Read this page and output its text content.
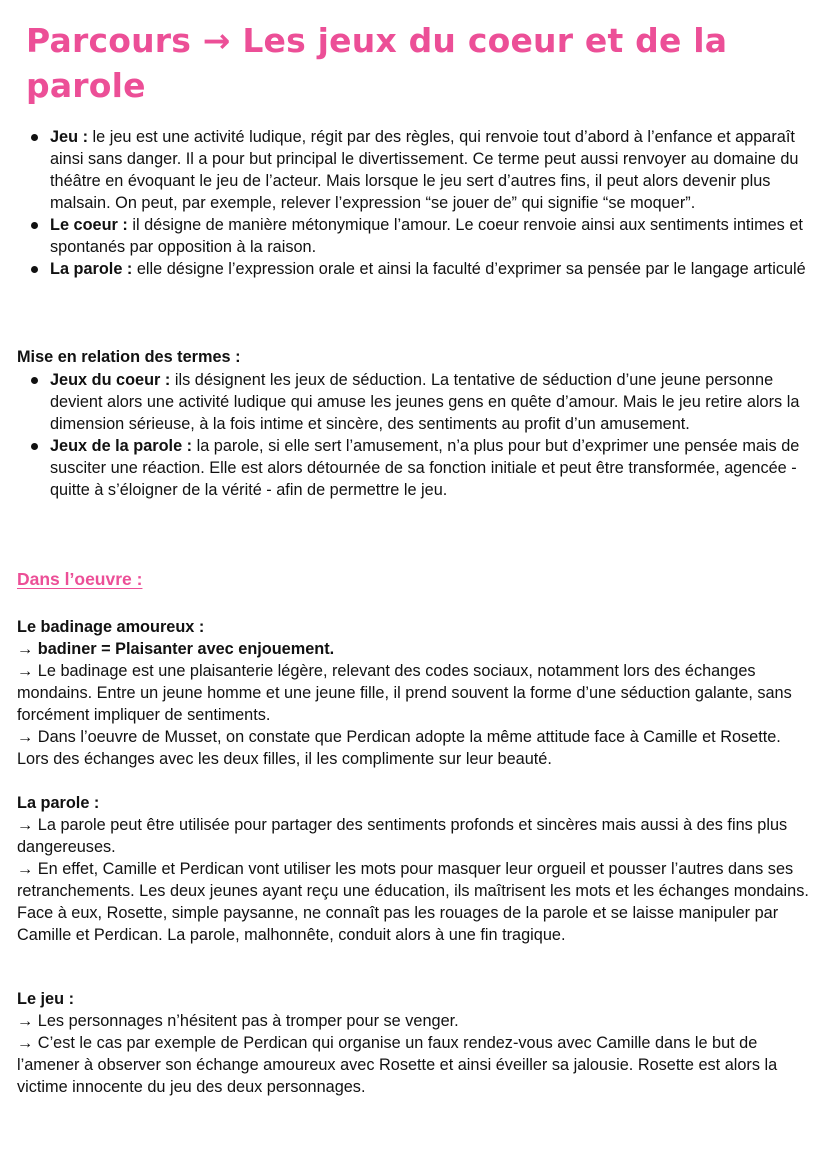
Parcours → Les jeux du coeur et de la parole
Jeu : le jeu est une activité ludique, régit par des règles, qui renvoie tout d’abord à l’enfance et apparaît ainsi sans danger. Il a pour but principal le divertissement. Ce terme peut aussi renvoyer au domaine du théâtre en évoquant le jeu de l’acteur. Mais lorsque le jeu sert d’autres fins, il peut alors devenir plus malsain. On peut, par exemple, relever l’expression “se jouer de” qui signifie “se moquer”.
Le coeur : il désigne de manière métonymique l’amour. Le coeur renvoie ainsi aux sentiments intimes et spontanés par opposition à la raison.
La parole : elle désigne l’expression orale et ainsi la faculté d’exprimer sa pensée par le langage articulé

Mise en relation des termes :

Jeux du coeur : ils désignent les jeux de séduction. La tentative de séduction d’une jeune personne devient alors une activité ludique qui amuse les jeunes gens en quête d’amour. Mais le jeu retire alors la dimension sérieuse, à la fois intime et sincère, des sentiments au profit d’un amusement.
Jeux de la parole : la parole, si elle sert l’amusement, n’a plus pour but d’exprimer une pensée mais de susciter une réaction. Elle est alors détournée de sa fonction initiale et peut être transformée, agencée - quitte à s’éloigner de la vérité - afin de permettre le jeu.
Dans l’oeuvre :

Le badinage amoureux :

→ badiner = Plaisanter avec enjouement.

→ Le badinage est une plaisanterie légère, relevant des codes sociaux, notamment lors des échanges mondains. Entre un jeune homme et une jeune fille, il prend souvent la forme d’une séduction galante, sans forcément impliquer de sentiments.

→ Dans l’oeuvre de Musset, on constate que Perdican adopte la même attitude face à Camille et Rosette. Lors des échanges avec les deux filles, il les complimente sur leur beauté.

La parole :

→ La parole peut être utilisée pour partager des sentiments profonds et sincères mais aussi à des fins plus dangereuses.

→ En effet, Camille et Perdican vont utiliser les mots pour masquer leur orgueil et pousser l’autres dans ses retranchements. Les deux jeunes ayant reçu une éducation, ils maîtrisent les mots et les échanges mondains. Face à eux, Rosette, simple paysanne, ne connaît pas les rouages de la parole et se laisse manipuler par Camille et Perdican. La parole, malhonnête, conduit alors à une fin tragique.

Le jeu :

→ Les personnages n’hésitent pas à tromper pour se venger.

→ C’est le cas par exemple de Perdican qui organise un faux rendez-vous avec Camille dans le but de l’amener à observer son échange amoureux avec Rosette et ainsi éveiller sa jalousie. Rosette est alors la victime innocente du jeu des deux personnages.
